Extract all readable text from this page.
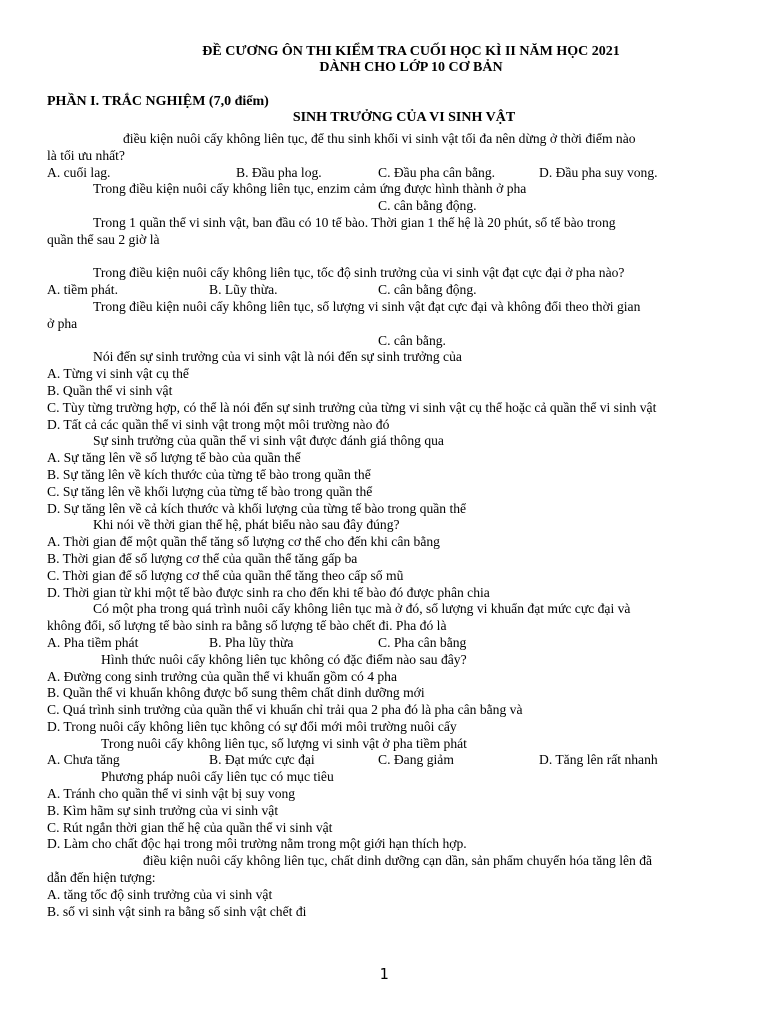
ĐỀ CƯƠNG ÔN THI KIỂM TRA CUỐI HỌC KÌ II NĂM HỌC 2021
DÀNH CHO LỚP 10 CƠ BẢN
PHẦN I. TRẮC NGHIỆM (7,0 điểm)
SINH TRƯỞNG CỦA VI SINH VẬT
điều kiện nuôi cấy không liên tục, để thu sinh khối vi sinh vật tối đa nên dừng ở thời điểm nào
là tối ưu nhất?
A. cuối lag.	B. Đầu pha log.	C. Đầu pha cân bằng.	D. Đầu pha suy vong.
Trong điều kiện nuôi cấy không liên tục, enzim cảm ứng được hình thành ở pha
C. cân bằng động.
Trong 1 quần thể vi sinh vật, ban đầu có 10 tế bào. Thời gian 1 thế hệ là 20 phút, số tế bào trong
quần thể sau 2 giờ là
Trong điều kiện nuôi cấy không liên tục, tốc độ sinh trưởng của vi sinh vật đạt cực đại ở pha nào?
A. tiềm phát.	B. Lũy thừa.	C. cân bằng động.
Trong điều kiện nuôi cấy không liên tục, số lượng vi sinh vật đạt cực đại và không đổi theo thời gian
ở pha
C. cân bằng.
Nói đến sự sinh trưởng của vi sinh vật là nói đến sự sinh trưởng của
A. Từng vi sinh vật cụ thể
B. Quần thể vi sinh vật
C. Tùy từng trường hợp, có thể là nói đến sự sinh trưởng của từng vi sinh vật cụ thể hoặc cả quần thể vi sinh vật
D. Tất cả các quần thể vi sinh vật trong một môi trường nào đó
Sự sinh trưởng của quần thể vi sinh vật được đánh giá thông qua
A. Sự tăng lên về số lượng tế bào của quần thể
B. Sự tăng lên về kích thước của từng tế bào trong quần thể
C. Sự tăng lên về khối lượng của từng tế bào trong quần thể
D. Sự tăng lên về cả kích thước và khối lượng của từng tế bào trong quần thể
Khi nói về thời gian thế hệ, phát biểu nào sau đây đúng?
A. Thời gian để một quần thể tăng số lượng cơ thể cho đến khi cân bằng
B. Thời gian để số lượng cơ thể của quần thể tăng gấp ba
C. Thời gian để số lượng cơ thể của quần thể tăng theo cấp số mũ
D. Thời gian từ khi một tế bào được sinh ra cho đến khi tế bào đó được phân chia
Có một pha trong quá trình nuôi cấy không liên tục mà ở đó, số lượng vi khuẩn đạt mức cực đại và
không đổi, số lượng tế bào sinh ra bằng số lượng tế bào chết đi. Pha đó là
A. Pha tiềm phát	B. Pha lũy thừa	C. Pha cân bằng
Hình thức nuôi cấy không liên tục không có đặc điểm nào sau đây?
A. Đường cong sinh trưởng của quần thể vi khuẩn gồm có 4 pha
B. Quần thể vi khuẩn không được bổ sung thêm chất dinh dưỡng mới
C. Quá trình sinh trưởng của quần thể vi khuẩn chỉ trải qua 2 pha đó là pha cân bằng và
D. Trong nuôi cấy không liên tục không có sự đổi mới môi trường nuôi cấy
Trong nuôi cấy không liên tục, số lượng vi sinh vật ở pha tiềm phát
A. Chưa tăng	B. Đạt mức cực đại	C. Đang giảm	D. Tăng lên rất nhanh
Phương pháp nuôi cấy liên tục có mục tiêu
A. Tránh cho quần thể vi sinh vật bị suy vong
B. Kìm hãm sự sinh trưởng của vi sinh vật
C. Rút ngắn thời gian thế hệ của quần thể vi sinh vật
D. Làm cho chất độc hại trong môi trường nằm trong một giới hạn thích hợp.
điều kiện nuôi cấy không liên tục, chất dinh dưỡng cạn dần, sản phẩm chuyển hóa tăng lên đã
dẫn đến hiện tượng:
A. tăng tốc độ sinh trưởng của vi sinh vật
B. số vi sinh vật sinh ra bằng số sinh vật chết đi
1
